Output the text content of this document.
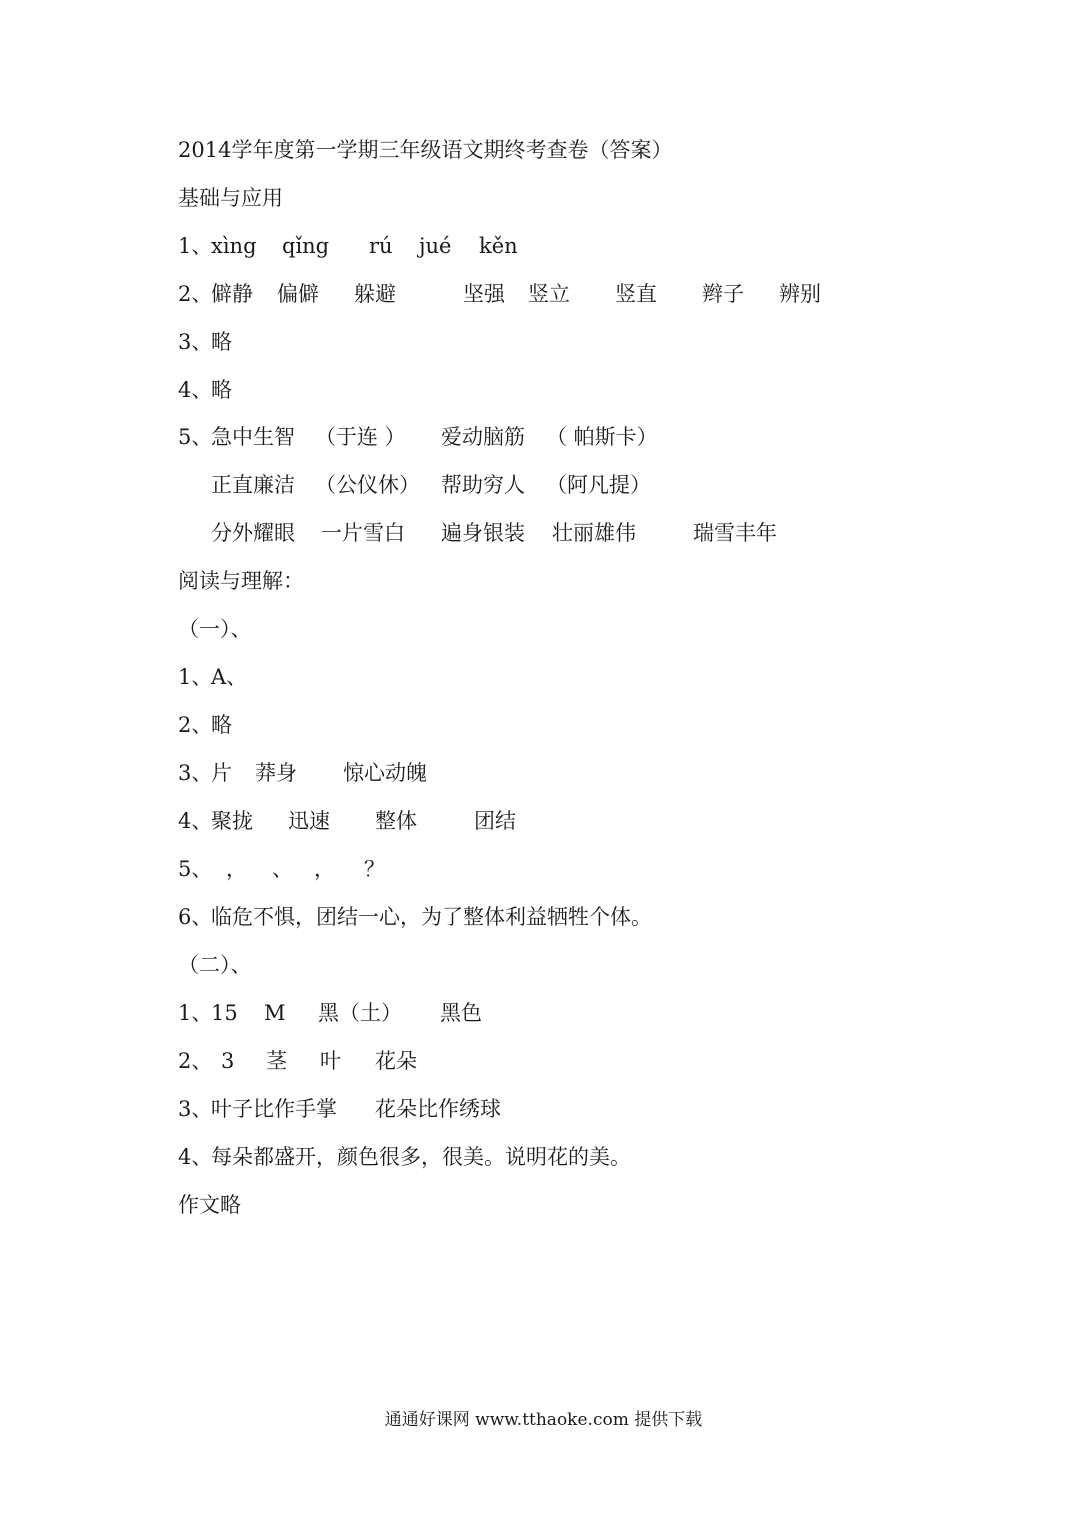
2014学年度第一学期三年级语文期终考查卷（答案）
基础与应用
1、
xìng qǐng rú jué kěn
2、
僻静 偏僻 躲避	坚强 竖立 竖直 辫子 辨别
3、
略
4、
略
5、
急中生智 （于连 ） 爱动脑筋 （ 帕斯卡）
正直廉洁 （公仪休） 帮助穷人 （阿凡提）
分外耀眼 一片雪白 遍身银装 壮丽雄伟	瑞雪丰年
阅读与理解：
（一）、
1、
A、
2、
略
3、
片 莽身 惊心动魄
4、
聚拢 迅速 整体	团结
5、 ， 、 ， ？
6、
临危不惧，团结一心，为了整体利益牺牲个体。
（二）、
1、
15 M 黑（土） 黑色
2、 3 茎 叶 花朵
3、
叶子比作手掌 花朵比作绣球
4、
每朵都盛开，颜色很多，很美。说明花的美。
作文略
通通好课网 www.tthaoke.com 提供下载
